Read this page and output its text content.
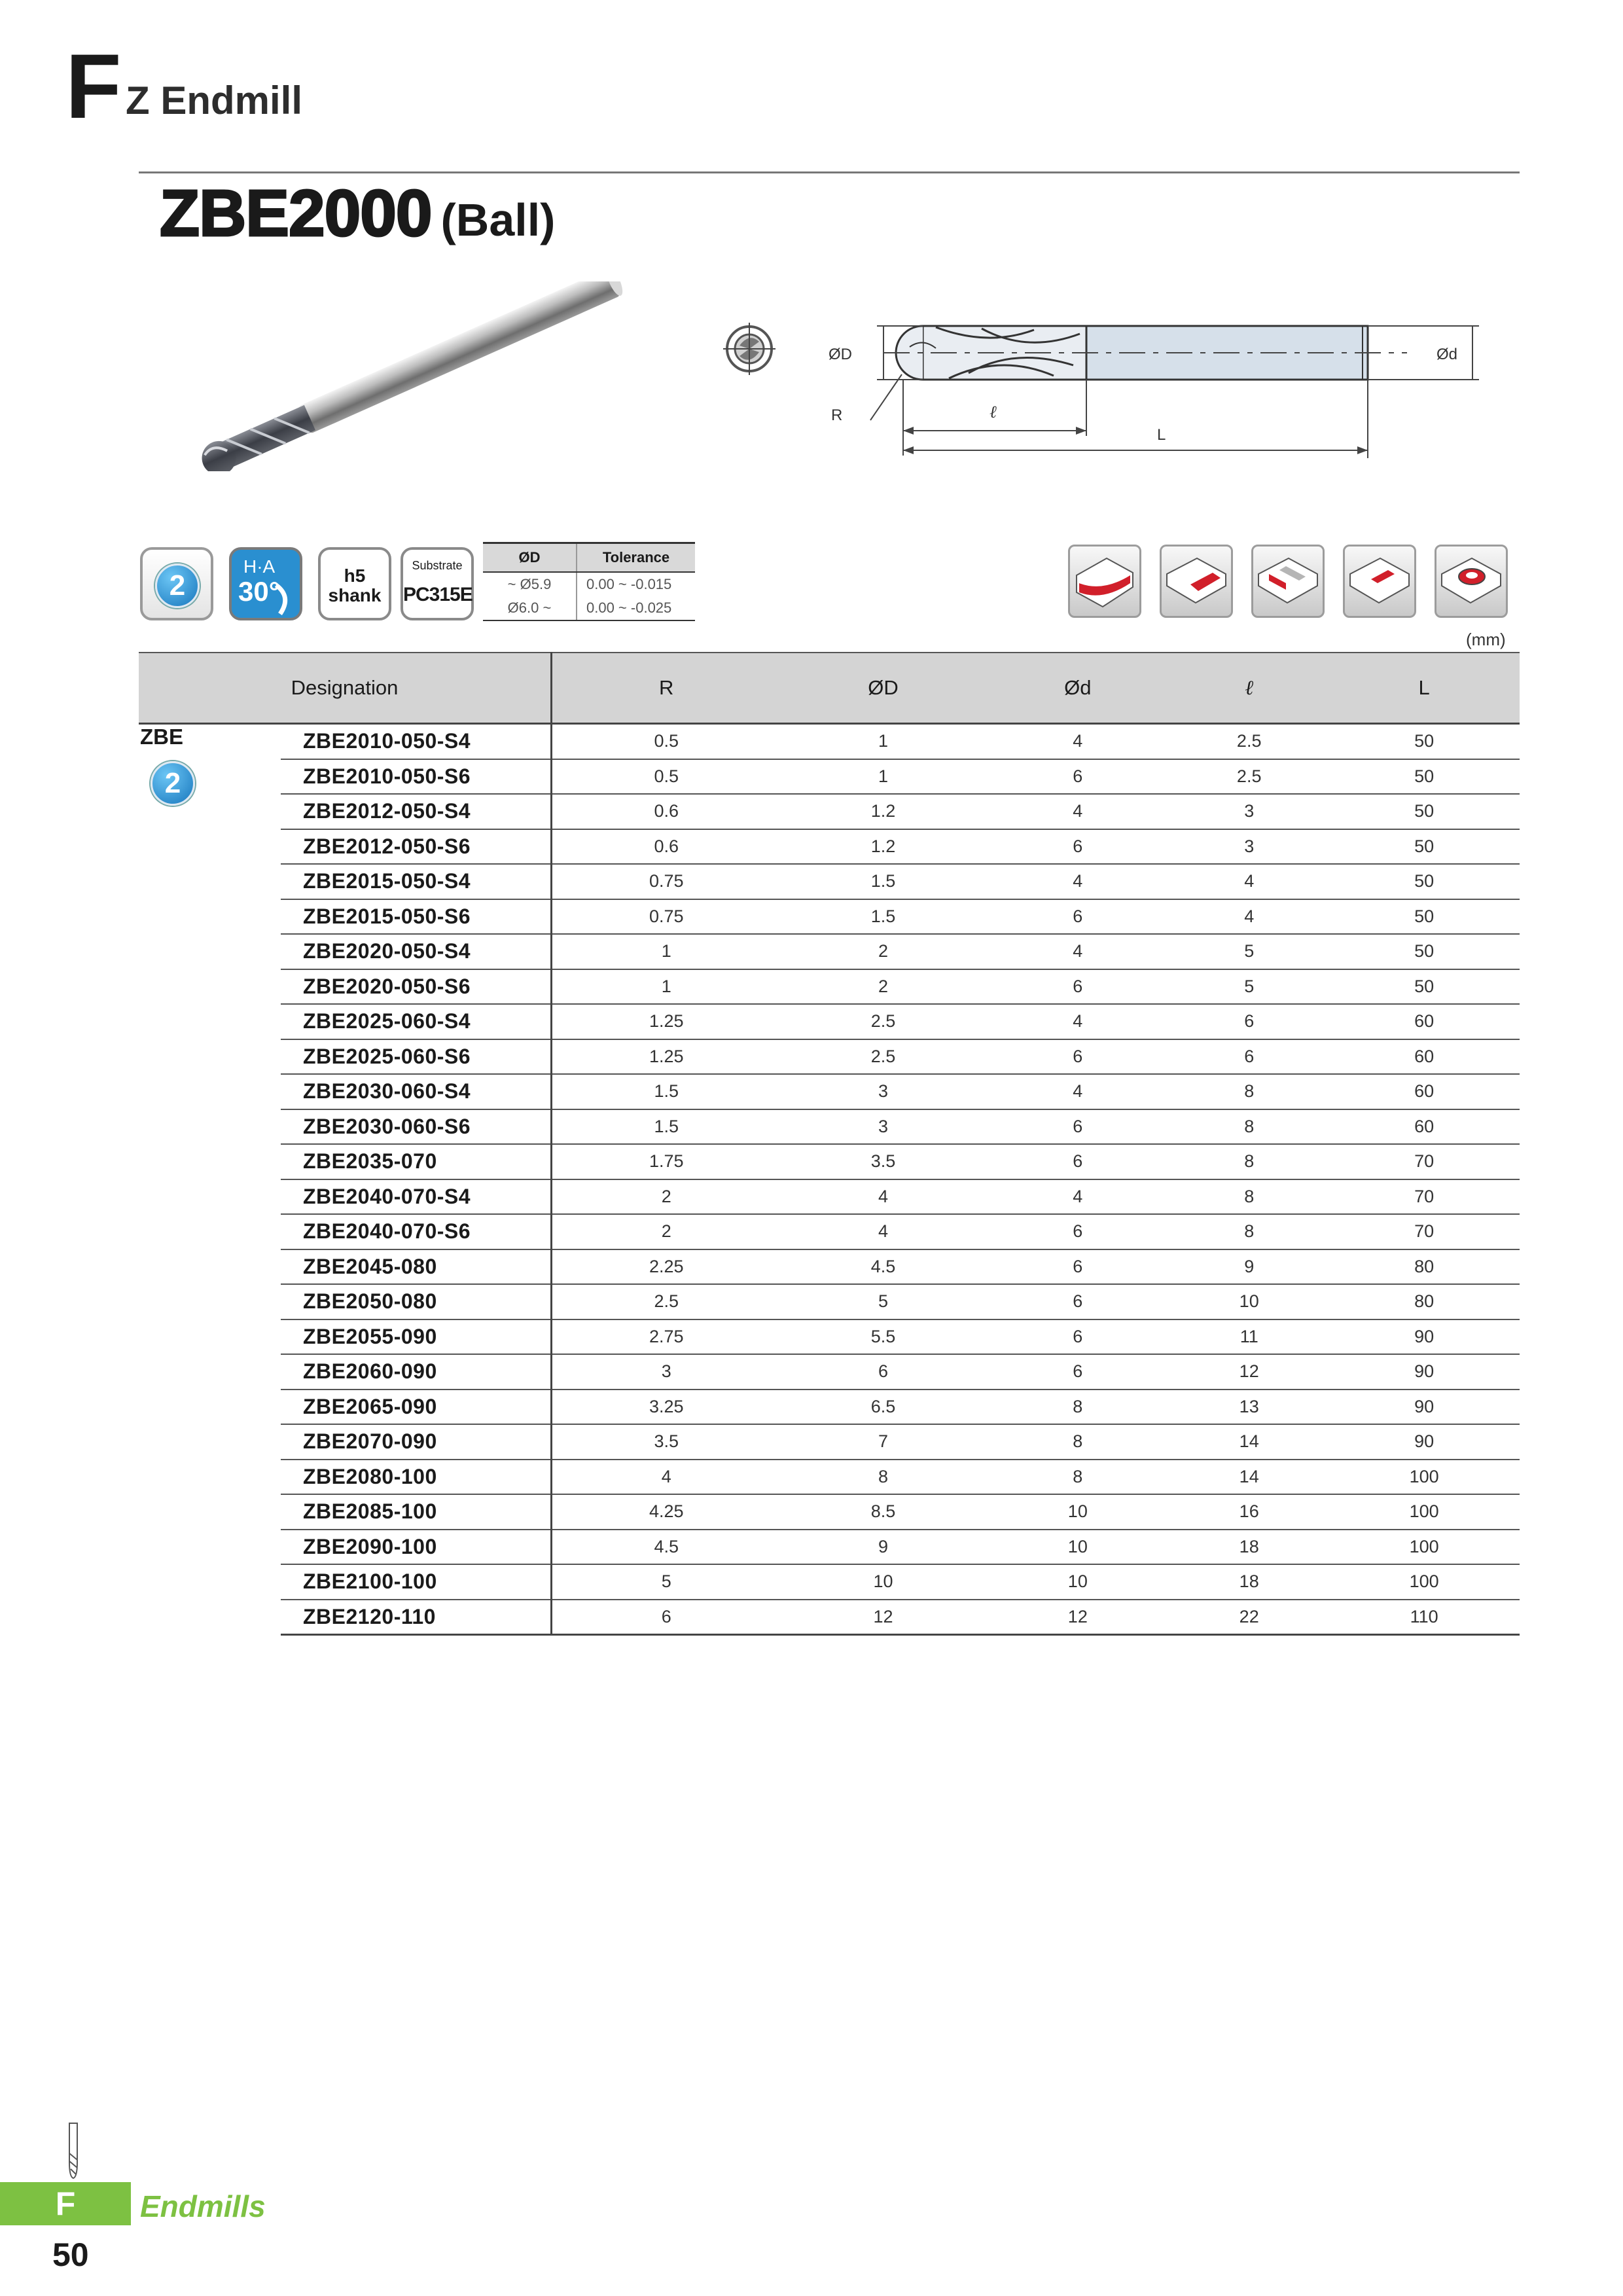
F Z Endmill
ZBE2000 (Ball)
ØD	Ød
R	ℓ
L
2
H·A
30°
h5
shank
Substrate
PC315E
ØD	Tolerance
~ Ø5.9	0.00 ~ -0.015
Ø6.0 ~	0.00 ~ -0.025
(mm)
Designation		R	ØD	Ød	ℓ	L
ZBE
2	ZBE2010-050-S4	0.5	1	4	2.5	50
	ZBE2010-050-S6	0.5	1	6	2.5	50
	ZBE2012-050-S4	0.6	1.2	4	3	50
	ZBE2012-050-S6	0.6	1.2	6	3	50
	ZBE2015-050-S4	0.75	1.5	4	4	50
	ZBE2015-050-S6	0.75	1.5	6	4	50
	ZBE2020-050-S4	1	2	4	5	50
	ZBE2020-050-S6	1	2	6	5	50
	ZBE2025-060-S4	1.25	2.5	4	6	60
	ZBE2025-060-S6	1.25	2.5	6	6	60
	ZBE2030-060-S4	1.5	3	4	8	60
	ZBE2030-060-S6	1.5	3	6	8	60
	ZBE2035-070	1.75	3.5	6	8	70
	ZBE2040-070-S4	2	4	4	8	70
	ZBE2040-070-S6	2	4	6	8	70
	ZBE2045-080	2.25	4.5	6	9	80
	ZBE2050-080	2.5	5	6	10	80
	ZBE2055-090	2.75	5.5	6	11	90
	ZBE2060-090	3	6	6	12	90
	ZBE2065-090	3.25	6.5	8	13	90
	ZBE2070-090	3.5	7	8	14	90
	ZBE2080-100	4	8	8	14	100
	ZBE2085-100	4.25	8.5	10	16	100
	ZBE2090-100	4.5	9	10	18	100
	ZBE2100-100	5	10	10	18	100
	ZBE2120-110	6	12	12	22	110
F	Endmills
50
